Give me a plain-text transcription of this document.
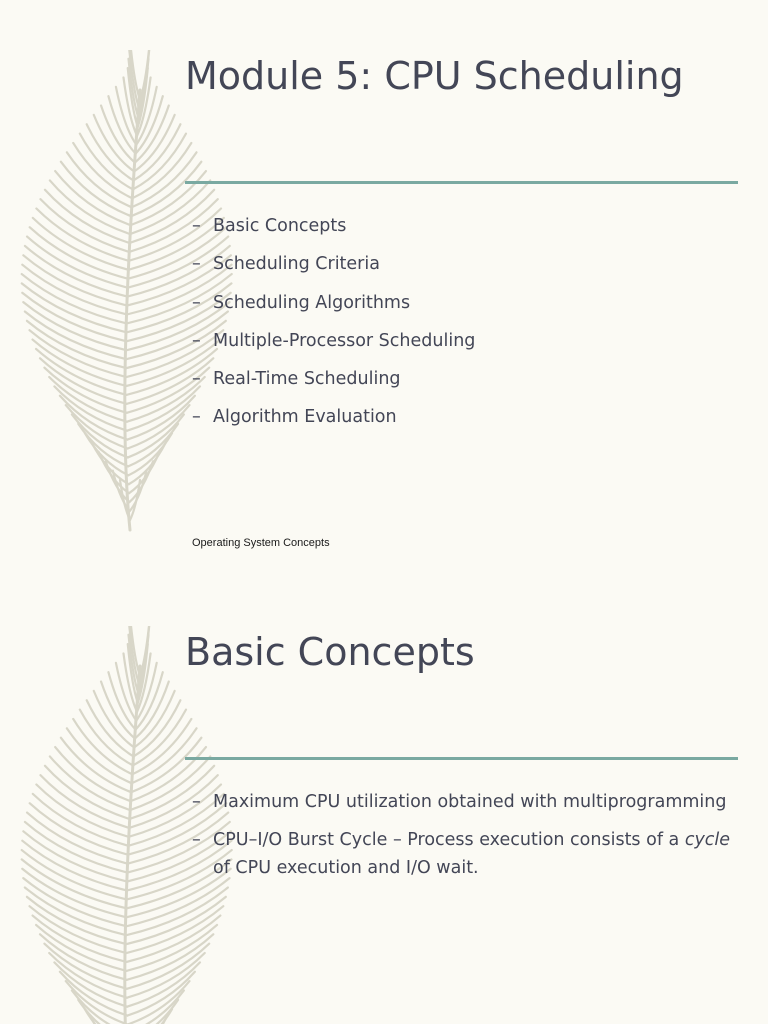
Module 5: CPU Scheduling
– Basic Concepts
– Scheduling Criteria
– Scheduling Algorithms
– Multiple-Processor Scheduling
– Real-Time Scheduling
– Algorithm Evaluation
Operating System Concepts
Basic Concepts
– Maximum CPU utilization obtained with multiprogramming
– CPU–I/O Burst Cycle – Process execution consists of a cycle of CPU execution and I/O wait.
